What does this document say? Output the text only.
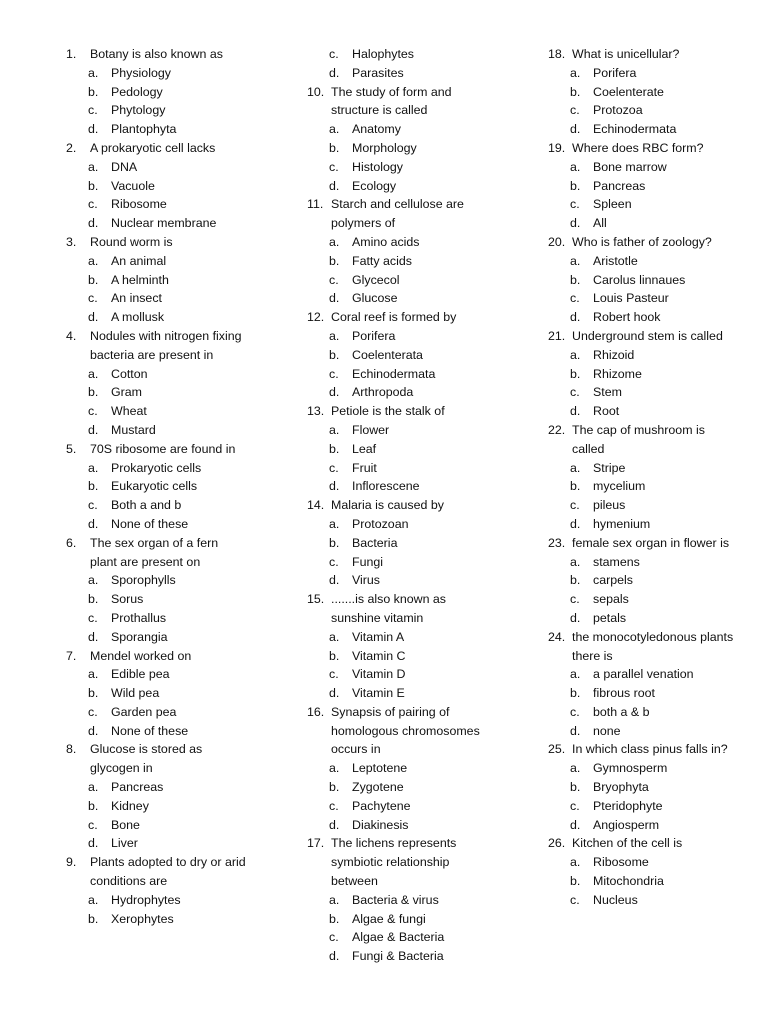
1.	Botany is also known as
a.	Physiology
b.	Pedology
c.	Phytology
d.	Plantophyta
2.	A prokaryotic cell lacks
a.	DNA
b.	Vacuole
c.	Ribosome
d.	Nuclear membrane
3.	Round worm is
a.	An animal
b.	A helminth
c.	An insect
d.	A mollusk
4.	Nodules with nitrogen fixing bacteria are present in
a.	Cotton
b.	Gram
c.	Wheat
d.	Mustard
5.	70S ribosome are found in
a.	Prokaryotic cells
b.	Eukaryotic cells
c.	Both a and b
d.	None of these
6.	The sex organ of a fern plant are present on
a.	Sporophylls
b.	Sorus
c.	Prothallus
d.	Sporangia
7.	Mendel worked on
a.	Edible pea
b.	Wild pea
c.	Garden pea
d.	None of these
8.	Glucose is stored as glycogen in
a.	Pancreas
b.	Kidney
c.	Bone
d.	Liver
9.	Plants adopted to dry or arid conditions are
a.	Hydrophytes
b.	Xerophytes
c.	Halophytes
d.	Parasites
10. The study of form and structure is called
a.	Anatomy
b.	Morphology
c.	Histology
d.	Ecology
11. Starch and cellulose are polymers of
a.	Amino acids
b.	Fatty acids
c.	Glycecol
d.	Glucose
12. Coral reef is formed by
a.	Porifera
b.	Coelenterata
c.	Echinodermata
d.	Arthropoda
13. Petiole is the stalk of
a.	Flower
b.	Leaf
c.	Fruit
d.	Inflorescene
14. Malaria is caused by
a.	Protozoan
b.	Bacteria
c.	Fungi
d.	Virus
15. .......is also known as sunshine vitamin
a.	Vitamin A
b.	Vitamin C
c.	Vitamin D
d.	Vitamin E
16. Synapsis of pairing of homologous chromosomes occurs in
a.	Leptotene
b.	Zygotene
c.	Pachytene
d.	Diakinesis
17. The lichens represents symbiotic relationship between
a.	Bacteria & virus
b.	Algae & fungi
c.	Algae & Bacteria
d.	Fungi & Bacteria
18. What is unicellular?
a.	Porifera
b.	Coelenterate
c.	Protozoa
d.	Echinodermata
19. Where does RBC form?
a.	Bone marrow
b.	Pancreas
c.	Spleen
d.	All
20. Who is father of zoology?
a.	Aristotle
b.	Carolus linnaues
c.	Louis Pasteur
d.	Robert hook
21. Underground stem is called
a.	Rhizoid
b.	Rhizome
c.	Stem
d.	Root
22. The cap of mushroom is called
a.	Stripe
b.	mycelium
c.	pileus
d.	hymenium
23. female sex organ in flower is
a.	stamens
b.	carpels
c.	sepals
d.	petals
24. the monocotyledonous plants there is
a.	a parallel venation
b.	fibrous root
c.	both a & b
d.	none
25. In which class pinus falls in?
a.	Gymnosperm
b.	Bryophyta
c.	Pteridophyte
d.	Angiosperm
26. Kitchen of the cell is
a.	Ribosome
b.	Mitochondria
c.	Nucleus
